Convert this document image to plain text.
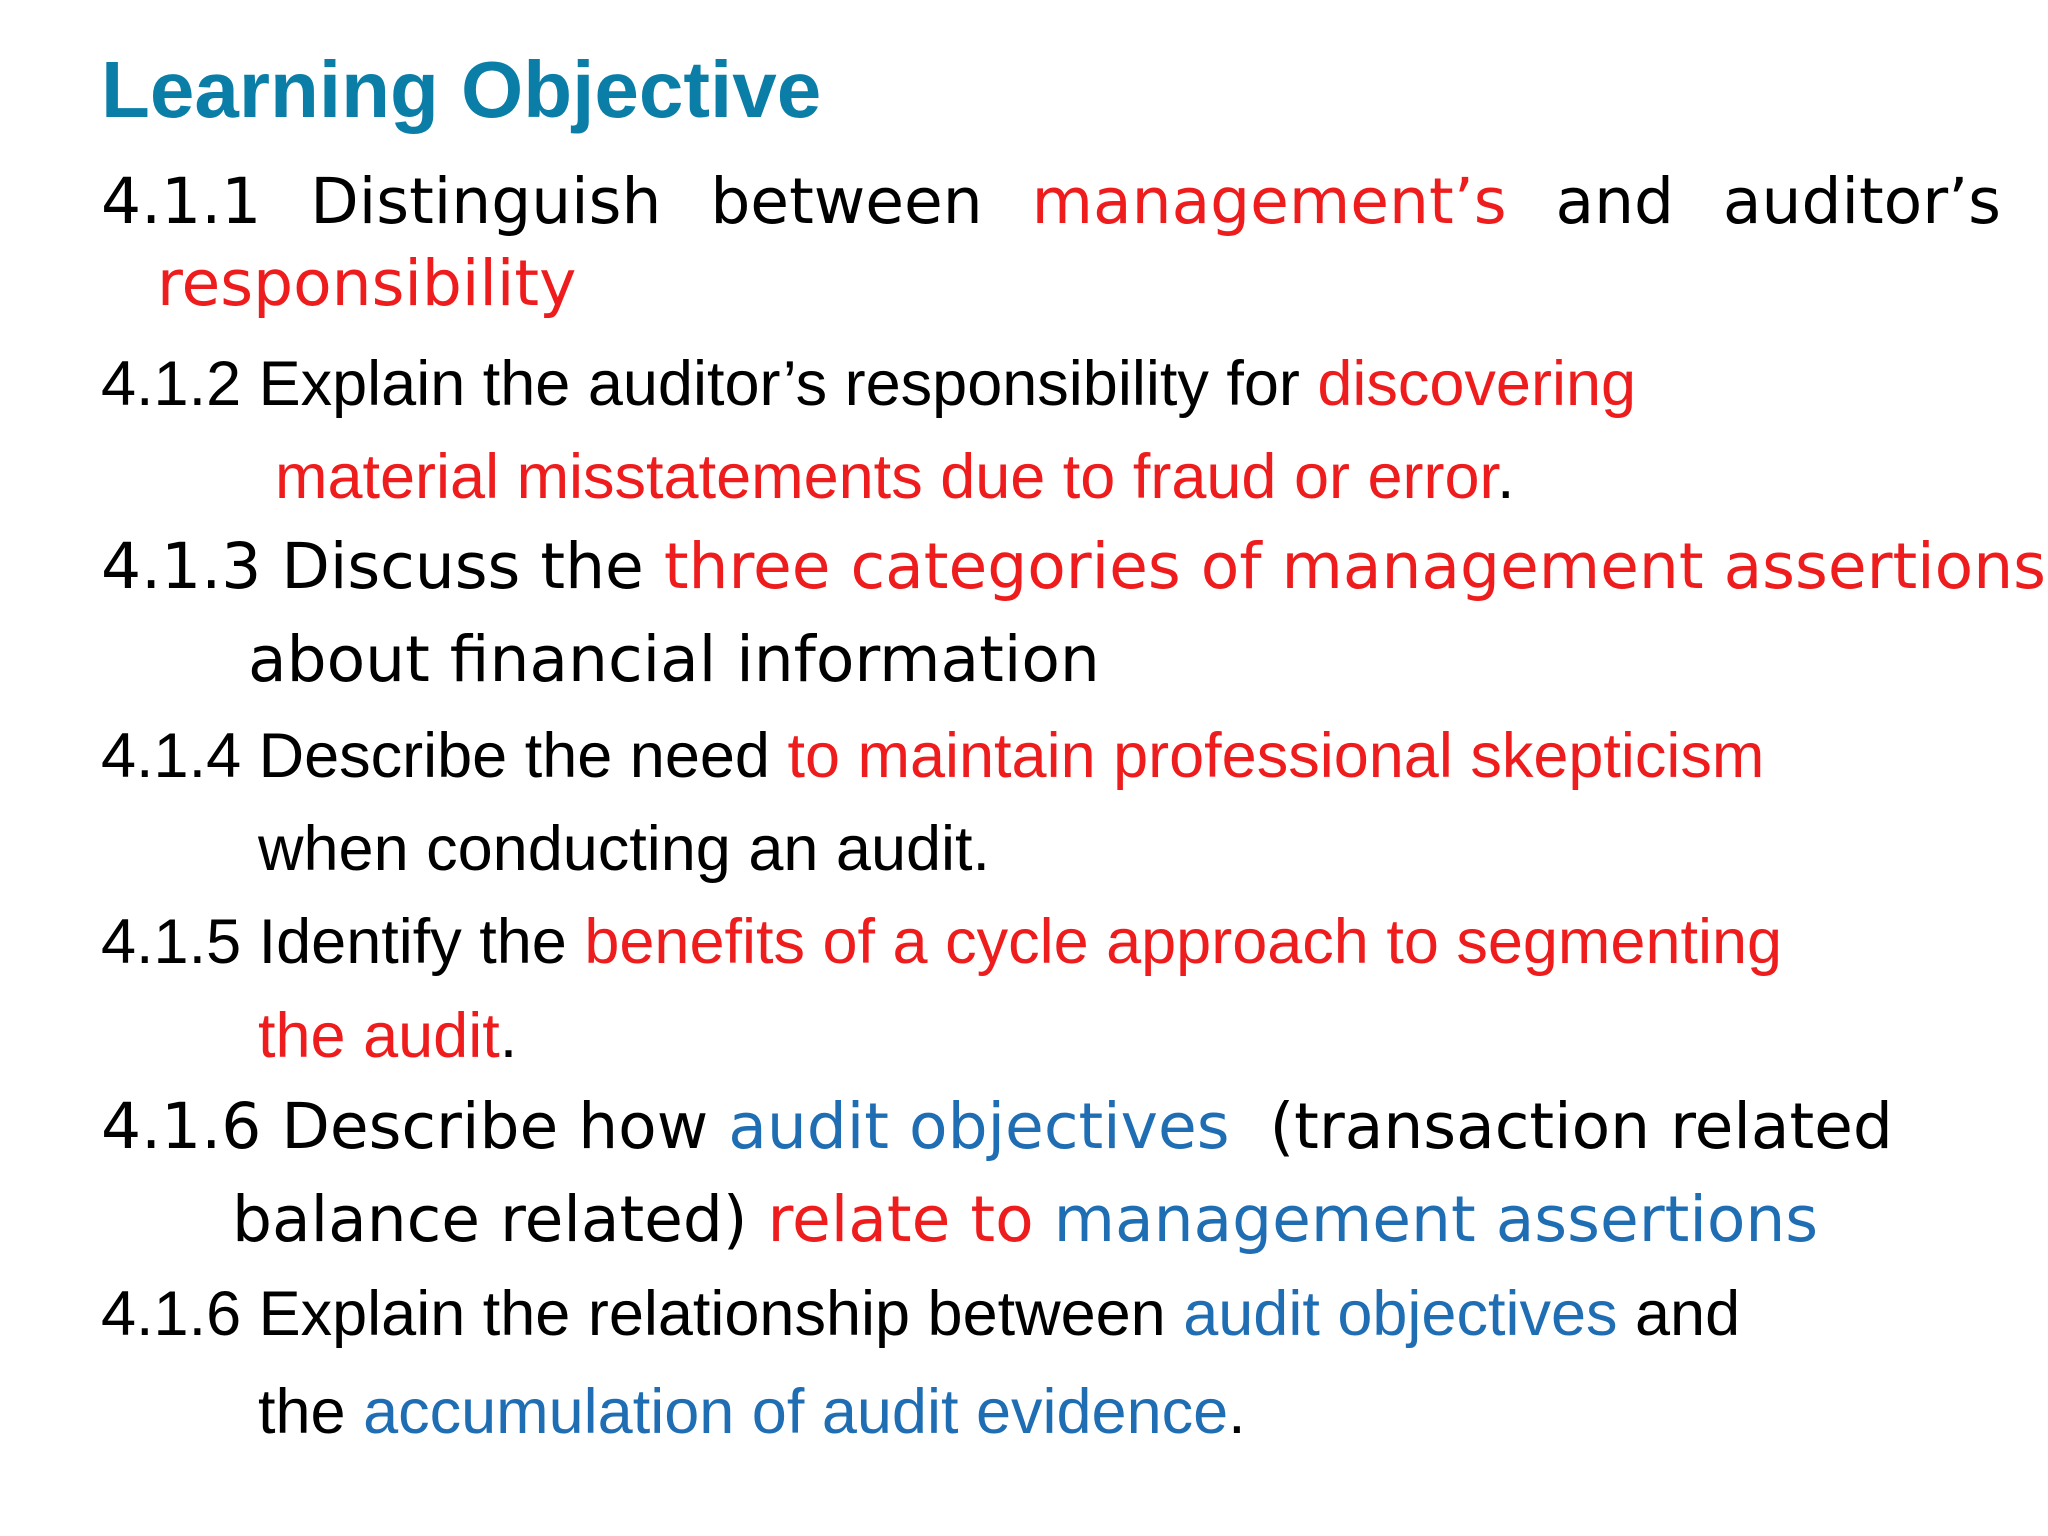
Learning Objective
4.1.1 Distinguish between management’s and auditor’s
responsibility
4.1.2 Explain the auditor’s responsibility for discovering
material misstatements due to fraud or error.
4.1.3 Discuss the three categories of management assertions
about financial information
4.1.4 Describe the need to maintain professional skepticism
when conducting an audit.
4.1.5 Identify the benefits of a cycle approach to segmenting
the audit.
4.1.6 Describe how audit objectives  (transaction related
balance related) relate to management assertions
4.1.6 Explain the relationship between audit objectives and
the accumulation of audit evidence.
